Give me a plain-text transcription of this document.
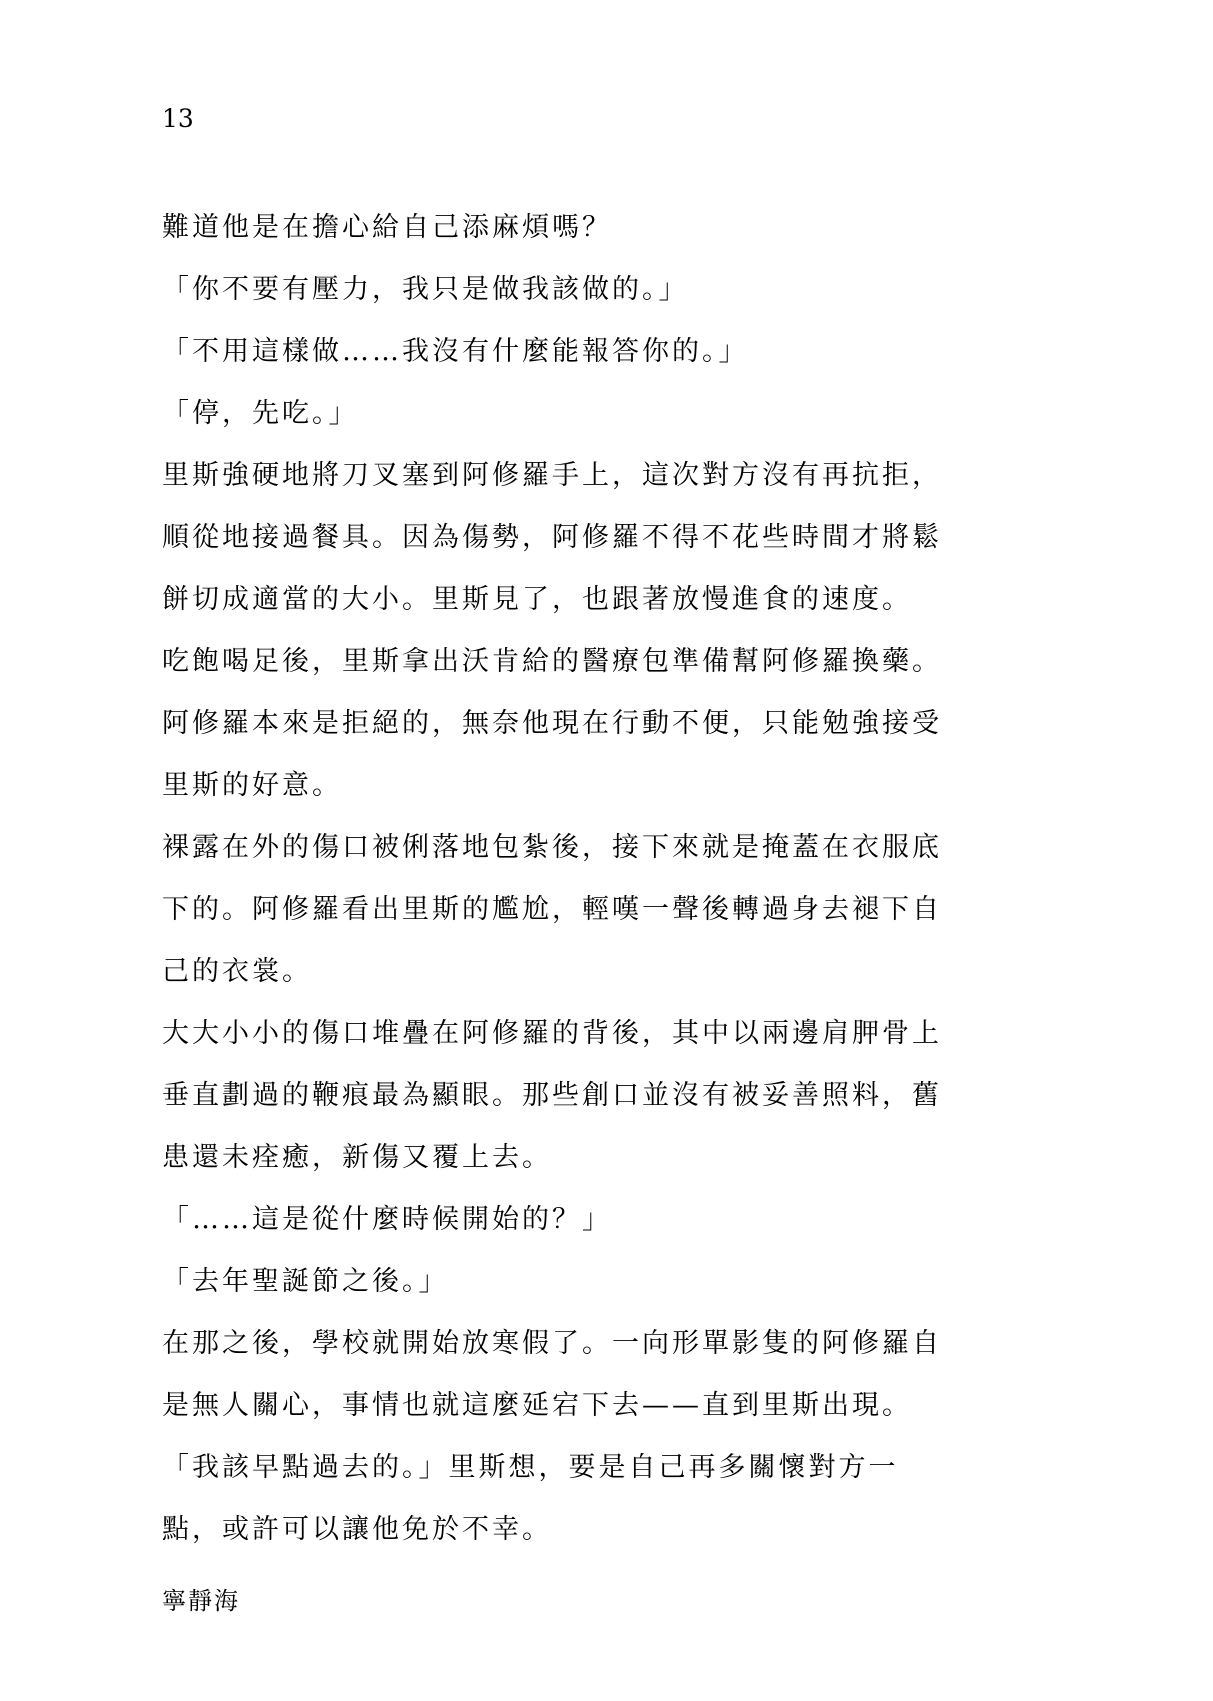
13

難道他是在擔心給自己添麻煩嗎？

「你不要有壓力，我只是做我該做的。」

「不用這樣做……我沒有什麼能報答你的。」

「停，先吃。」

里斯強硬地將刀叉塞到阿修羅手上，這次對方沒有再抗拒，

順從地接過餐具。因為傷勢，阿修羅不得不花些時間才將鬆

餅切成適當的大小。里斯見了，也跟著放慢進食的速度。

吃飽喝足後，里斯拿出沃肯給的醫療包準備幫阿修羅換藥。

阿修羅本來是拒絕的，無奈他現在行動不便，只能勉強接受

里斯的好意。

裸露在外的傷口被俐落地包紮後，接下來就是掩蓋在衣服底

下的。阿修羅看出里斯的尷尬，輕嘆一聲後轉過身去褪下自

己的衣裳。

大大小小的傷口堆疊在阿修羅的背後，其中以兩邊肩胛骨上

垂直劃過的鞭痕最為顯眼。那些創口並沒有被妥善照料，舊

患還未痊癒，新傷又覆上去。

「……這是從什麼時候開始的？」

「去年聖誕節之後。」

在那之後，學校就開始放寒假了。一向形單影隻的阿修羅自

是無人關心，事情也就這麼延宕下去——直到里斯出現。

「我該早點過去的。」里斯想，要是自己再多關懷對方一

點，或許可以讓他免於不幸。

寧靜海
